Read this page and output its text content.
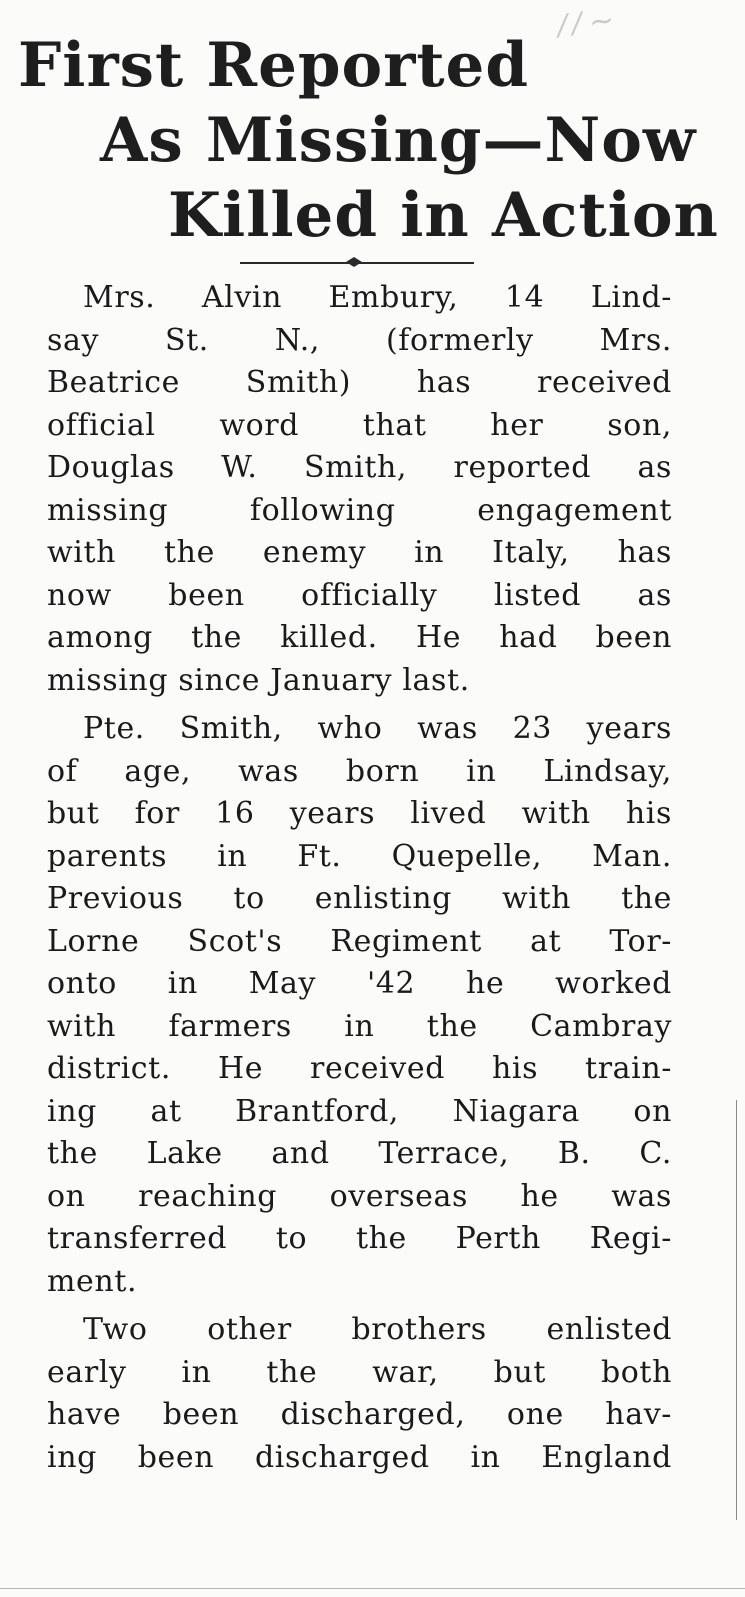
⁄ ⁄ ~
First Reported
As Missing—Now
Killed in Action

Mrs. Alvin Embury, 14 Lind-
say St. N., (formerly Mrs.
Beatrice Smith) has received
official word that her son,
Douglas W. Smith, reported as
missing following engagement
with the enemy in Italy, has
now been officially listed as
among the killed. He had been
missing since January last.

Pte. Smith, who was 23 years
of age, was born in Lindsay,
but for 16 years lived with his
parents in Ft. Quepelle, Man.
Previous to enlisting with the
Lorne Scot's Regiment at Tor-
onto in May '42 he worked
with farmers in the Cambray
district. He received his train-
ing at Brantford, Niagara on
the Lake and Terrace, B. C.
on reaching overseas he was
transferred to the Perth Regi-
ment.

Two other brothers enlisted
early in the war, but both
have been discharged, one hav-
ing been discharged in England
